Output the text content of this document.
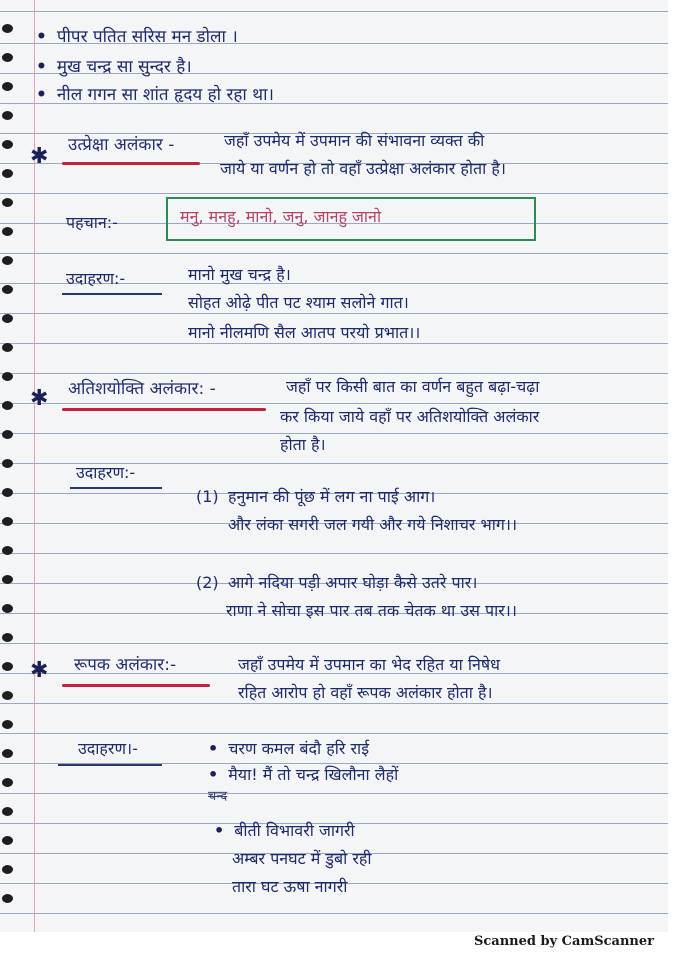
• पीपर पतित सरिस मन डोला ।
• मुख चन्द्र सा सुन्दर है।
• नील गगन सा शांत हृदय हो रहा था।
✱ उत्प्रेक्षा अलंकार -	जहाँ उपमेय में उपमान की संभावना व्यक्त की
जाये या वर्णन हो तो वहाँ उत्प्रेक्षा अलंकार होता है।
पहचान:-	मनु, मनहु, मानो, जनु, जानहु जानो
उदाहरण:-	मानो मुख चन्द्र है।
सोहत ओढ़े पीत पट श्याम सलोने गात।
मानो नीलमणि सैल आतप परयो प्रभात।।
✱ अतिशयोक्ति अलंकार: -	जहाँ पर किसी बात का वर्णन बहुत बढ़ा-चढ़ा
कर किया जाये वहाँ पर अतिशयोक्ति अलंकार
होता है।
उदाहरण:-
(1) हनुमान की पूंछ में लग ना पाई आग।
और लंका सगरी जल गयी और गये निशाचर भाग।।
(2) आगे नदिया पड़ी अपार घोड़ा कैसे उतरे पार।
राणा ने सोचा इस पार तब तक चेतक था उस पार।।
✱ रूपक अलंकार:-	जहाँ उपमेय में उपमान का भेद रहित या निषेध
रहित आरोप हो वहाँ रूपक अलंकार होता है।
उदाहरण।-	• चरण कमल बंदौ हरि राई
• मैया! मैं तो चन्द्र खिलौना लैहों
चन्द
• बीती विभावरी जागरी
अम्बर पनघट में डुबो रही
तारा घट ऊषा नागरी
Scanned by CamScanner
